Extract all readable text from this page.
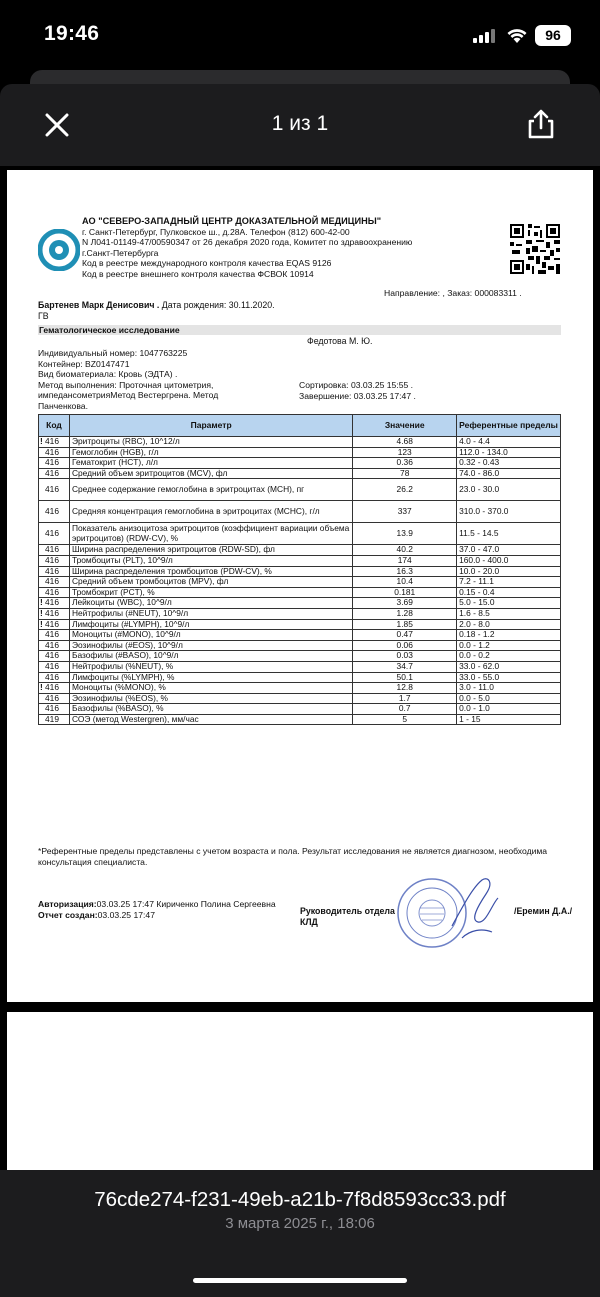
19:46	96
1 из 1
АО "СЕВЕРО-ЗАПАДНЫЙ ЦЕНТР ДОКАЗАТЕЛЬНОЙ МЕДИЦИНЫ"
г. Санкт-Петербург, Пулковское ш., д.28А. Телефон (812) 600-42-00
N Л041-01149-47/00590347 от 26 декабря 2020 года, Комитет по здравоохранению
г.Санкт-Петербурга
Код в реестре международного контроля качества EQAS 9126
Код в реестре внешнего контроля качества ФСВОК 10914
Направление: , Заказ: 000083311 .
Бартенев Марк Денисович . Дата рождения: 30.11.2020.
ГВ
Гематологическое исследование
Федотова М. Ю.
Индивидуальный номер: 1047763225
Контейнер: BZ0147471
Вид биоматериала: Кровь (ЭДТА) .
Метод выполнения: Проточная цитометрия,
импедансометрияМетод Вестергрена. Метод
Панченкова.
Сортировка: 03.03.25 15:55 .
Завершение: 03.03.25 17:47 .
Код	Параметр	Значение	Референтные пределы

! 416	Эритроциты (RBC), 10^12/л	4.68	4.0 - 4.4

416	Гемоглобин (HGB), г/л	123	112.0 - 134.0

416	Гематокрит (HCT), л/л	0.36	0.32 - 0.43

416	Средний объем эритроцитов (MCV), фл	78	74.0 - 86.0

416	Среднее содержание гемоглобина в эритроцитах (MCH), пг	26.2	23.0 - 30.0

416	Средняя концентрация гемоглобина в эритроцитах (MCHC), г/л	337	310.0 - 370.0

416	Показатель анизоцитоза эритроцитов (коэффициент вариации объема эритроцитов) (RDW-CV), %	13.9	11.5 - 14.5

416	Ширина распределения эритроцитов (RDW-SD), фл	40.2	37.0 - 47.0

416	Тромбоциты (PLT), 10^9/л	174	160.0 - 400.0

416	Ширина распределения тромбоцитов (PDW-CV), %	16.3	10.0 - 20.0

416	Средний объем тромбоцитов (MPV), фл	10.4	7.2 - 11.1

416	Тромбокрит (PCT), %	0.181	0.15 - 0.4

! 416	Лейкоциты (WBC), 10^9/л	3.69	5.0 - 15.0

! 416	Нейтрофилы (#NEUT), 10^9/л	1.28	1.6 - 8.5

! 416	Лимфоциты (#LYMPH), 10^9/л	1.85	2.0 - 8.0

416	Моноциты (#MONO), 10^9/л	0.47	0.18 - 1.2

416	Эозинофилы (#EOS), 10^9/л	0.06	0.0 - 1.2

416	Базофилы (#BASO), 10^9/л	0.03	0.0 - 0.2

416	Нейтрофилы (%NEUT), %	34.7	33.0 - 62.0

416	Лимфоциты (%LYMPH), %	50.1	33.0 - 55.0

! 416	Моноциты (%MONO), %	12.8	3.0 - 11.0

416	Эозинофилы (%EOS), %	1.7	0.0 - 5.0

416	Базофилы (%BASO), %	0.7	0.0 - 1.0

419	СОЭ (метод Westergren), мм/час	5	1 - 15
*Референтные пределы представлены с учетом возраста и пола. Результат исследования не является диагнозом, необходима консультация специалиста.
Авторизация:03.03.25 17:47 Кириченко Полина Сергеевна
Отчет создан:03.03.25 17:47	Руководитель отдела КЛД
/Еремин Д.А./
76cde274-f231-49eb-a21b-7f8d8593cc33.pdf
3 марта 2025 г., 18:06
